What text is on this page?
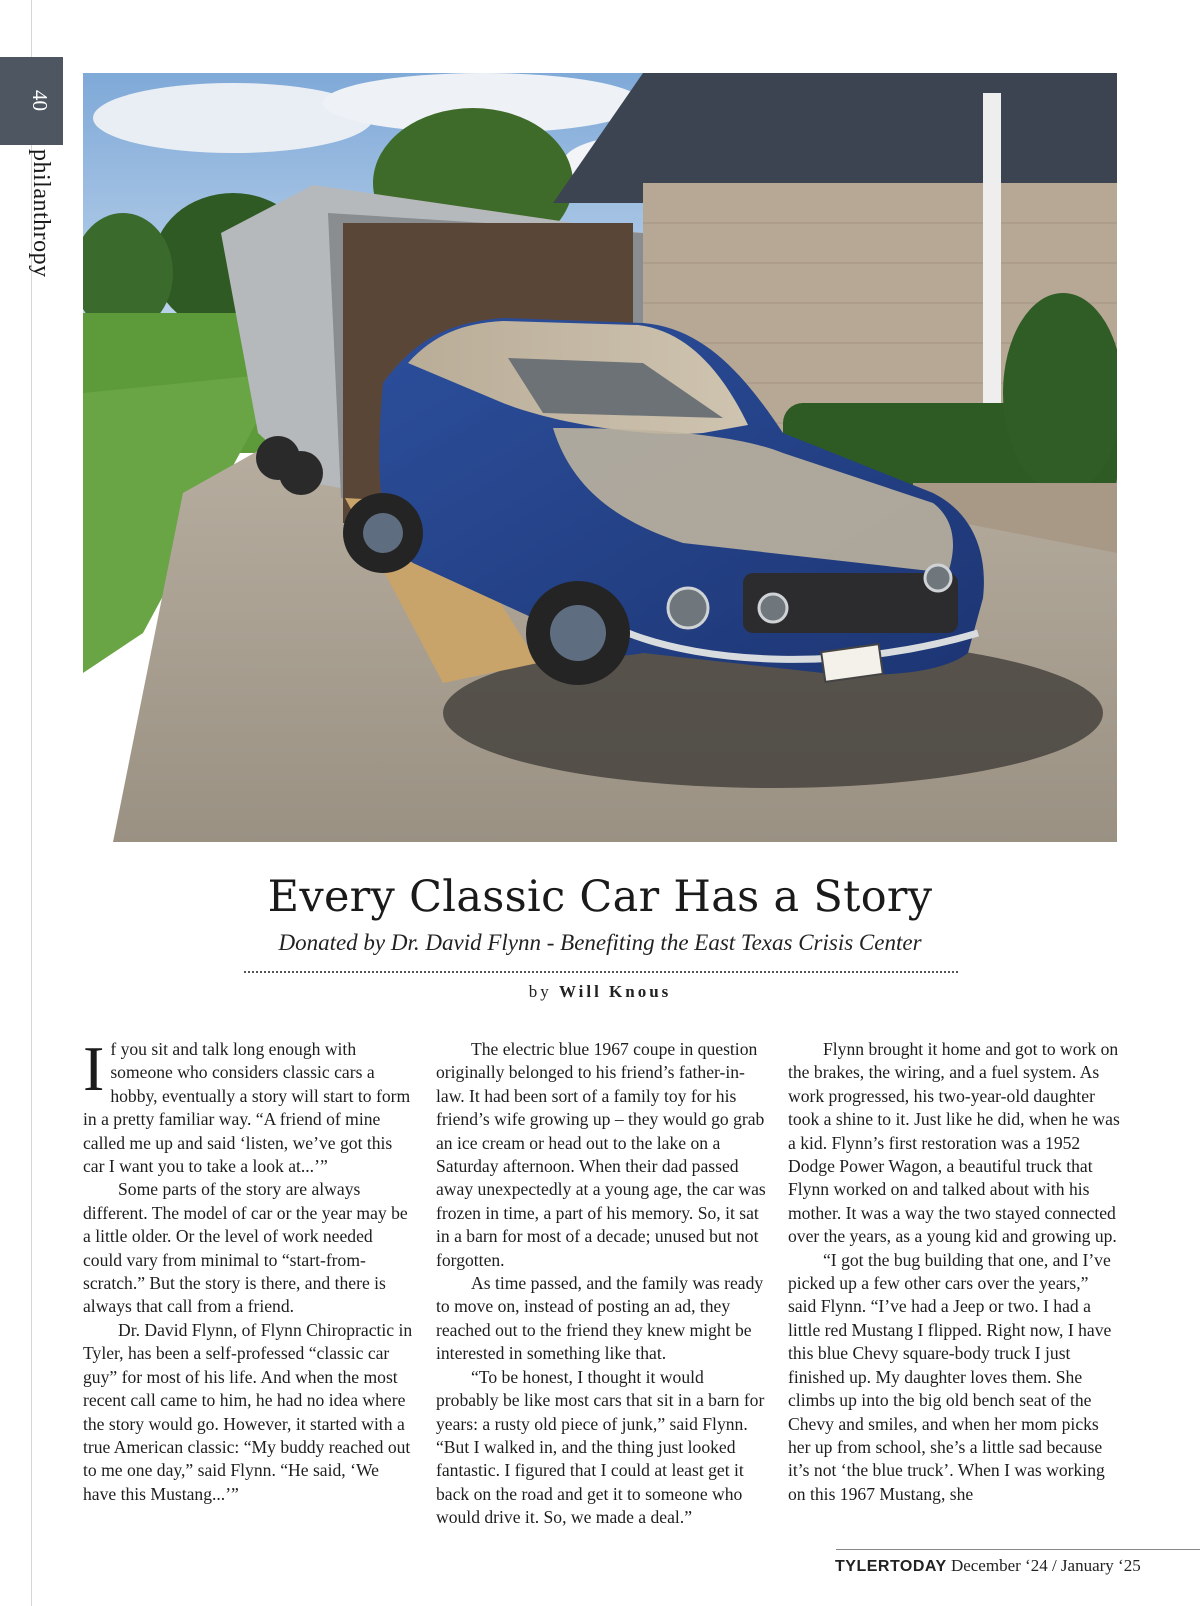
40
philanthropy
Every Classic Car Has a Story
Donated by Dr. David Flynn - Benefiting the East Texas Crisis Center
by Will Knous

If you sit and talk long enough with someone who considers classic cars a hobby, eventually a story will start to form in a pretty familiar way. “A friend of mine called me up and said ‘listen, we’ve got this car I want you to take a look at...’”

Some parts of the story are always different. The model of car or the year may be a little older. Or the level of work needed could vary from minimal to “start-from-scratch.” But the story is there, and there is always that call from a friend.

Dr. David Flynn, of Flynn Chiropractic in Tyler, has been a self-professed “classic car guy” for most of his life. And when the most recent call came to him, he had no idea where the story would go. However, it started with a true American classic: “My buddy reached out to me one day,” said Flynn. “He said, ‘We have this Mustang...’”

The electric blue 1967 coupe in question originally belonged to his friend’s father-in-law. It had been sort of a family toy for his friend’s wife growing up – they would go grab an ice cream or head out to the lake on a Saturday afternoon. When their dad passed away unexpectedly at a young age, the car was frozen in time, a part of his memory. So, it sat in a barn for most of a decade; unused but not forgotten.

As time passed, and the family was ready to move on, instead of posting an ad, they reached out to the friend they knew might be interested in something like that.

“To be honest, I thought it would probably be like most cars that sit in a barn for years: a rusty old piece of junk,” said Flynn. “But I walked in, and the thing just looked fantastic. I figured that I could at least get it back on the road and get it to someone who would drive it. So, we made a deal.”

Flynn brought it home and got to work on the brakes, the wiring, and a fuel system. As work progressed, his two-year-old daughter took a shine to it. Just like he did, when he was a kid. Flynn’s first restoration was a 1952 Dodge Power Wagon, a beautiful truck that Flynn worked on and talked about with his mother. It was a way the two stayed connected over the years, as a young kid and growing up.

“I got the bug building that one, and I’ve picked up a few other cars over the years,” said Flynn. “I’ve had a Jeep or two. I had a little red Mustang I flipped. Right now, I have this blue Chevy square-body truck I just finished up. My daughter loves them. She climbs up into the big old bench seat of the Chevy and smiles, and when her mom picks her up from school, she’s a little sad because it’s not ‘the blue truck’. When I was working on this 1967 Mustang, she

TYLERTODAY December ‘24 / January ‘25
